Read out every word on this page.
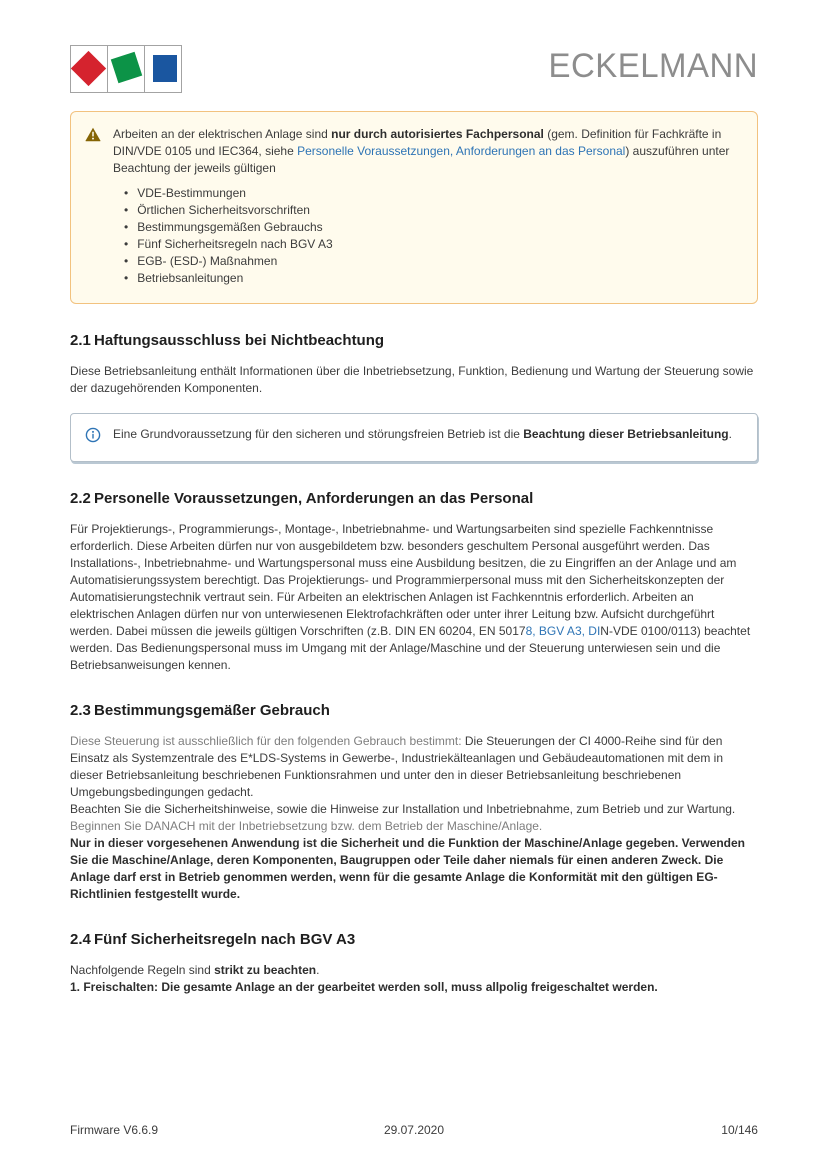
ECKELMANN

Arbeiten an der elektrischen Anlage sind nur durch autorisiertes Fachpersonal (gem. Definition für Fachkräfte in DIN/VDE 0105 und IEC364, siehe Personelle Voraussetzungen, Anforderungen an das Personal) auszuführen unter Beachtung der jeweils gültigen

• VDE-Bestimmungen
• Örtlichen Sicherheitsvorschriften
• Bestimmungsgemäßen Gebrauchs
• Fünf Sicherheitsregeln nach BGV A3
• EGB- (ESD-) Maßnahmen
• Betriebsanleitungen
2.1 Haftungsausschluss bei Nichtbeachtung

Diese Betriebsanleitung enthält Informationen über die Inbetriebsetzung, Funktion, Bedienung und Wartung der Steuerung sowie der dazugehörenden Komponenten.

Eine Grundvoraussetzung für den sicheren und störungsfreien Betrieb ist die Beachtung dieser Betriebsanleitung.

2.2 Personelle Voraussetzungen, Anforderungen an das Personal

Für Projektierungs-, Programmierungs-, Montage-, Inbetriebnahme- und Wartungsarbeiten sind spezielle Fachkenntnisse erforderlich. Diese Arbeiten dürfen nur von ausgebildetem bzw. besonders geschultem Personal ausgeführt werden. Das Installations-, Inbetriebnahme- und Wartungspersonal muss eine Ausbildung besitzen, die zu Eingriffen an der Anlage und am Automatisierungssystem berechtigt. Das Projektierungs- und Programmierpersonal muss mit den Sicherheitskonzepten der Automatisierungstechnik vertraut sein. Für Arbeiten an elektrischen Anlagen ist Fachkenntnis erforderlich. Arbeiten an elektrischen Anlagen dürfen nur von unterwiesenen Elektrofachkräften oder unter ihrer Leitung bzw. Aufsicht durchgeführt werden. Dabei müssen die jeweils gültigen Vorschriften (z.B. DIN EN 60204, EN 50178, BGV A3, DIN-VDE 0100/0113) beachtet werden. Das Bedienungspersonal muss im Umgang mit der Anlage/Maschine und der Steuerung unterwiesen sein und die Betriebsanweisungen kennen.

2.3 Bestimmungsgemäßer Gebrauch

Diese Steuerung ist ausschließlich für den folgenden Gebrauch bestimmt: Die Steuerungen der CI 4000-Reihe sind für den Einsatz als Systemzentrale des E*LDS-Systems in Gewerbe-, Industriekälteanlagen und Gebäudeautomationen mit dem in dieser Betriebsanleitung beschriebenen Funktionsrahmen und unter den in dieser Betriebsanleitung beschriebenen Umgebungsbedingungen gedacht.
Beachten Sie die Sicherheitshinweise, sowie die Hinweise zur Installation und Inbetriebnahme, zum Betrieb und zur Wartung. Beginnen Sie DANACH mit der Inbetriebsetzung bzw. dem Betrieb der Maschine/Anlage.
Nur in dieser vorgesehenen Anwendung ist die Sicherheit und die Funktion der Maschine/Anlage gegeben. Verwenden Sie die Maschine/Anlage, deren Komponenten, Baugruppen oder Teile daher niemals für einen anderen Zweck. Die Anlage darf erst in Betrieb genommen werden, wenn für die gesamte Anlage die Konformität mit den gültigen EG-Richtlinien festgestellt wurde.

2.4 Fünf Sicherheitsregeln nach BGV A3

Nachfolgende Regeln sind strikt zu beachten.
1. Freischalten: Die gesamte Anlage an der gearbeitet werden soll, muss allpolig freigeschaltet werden.

Firmware V6.6.9	29.07.2020	10/146
